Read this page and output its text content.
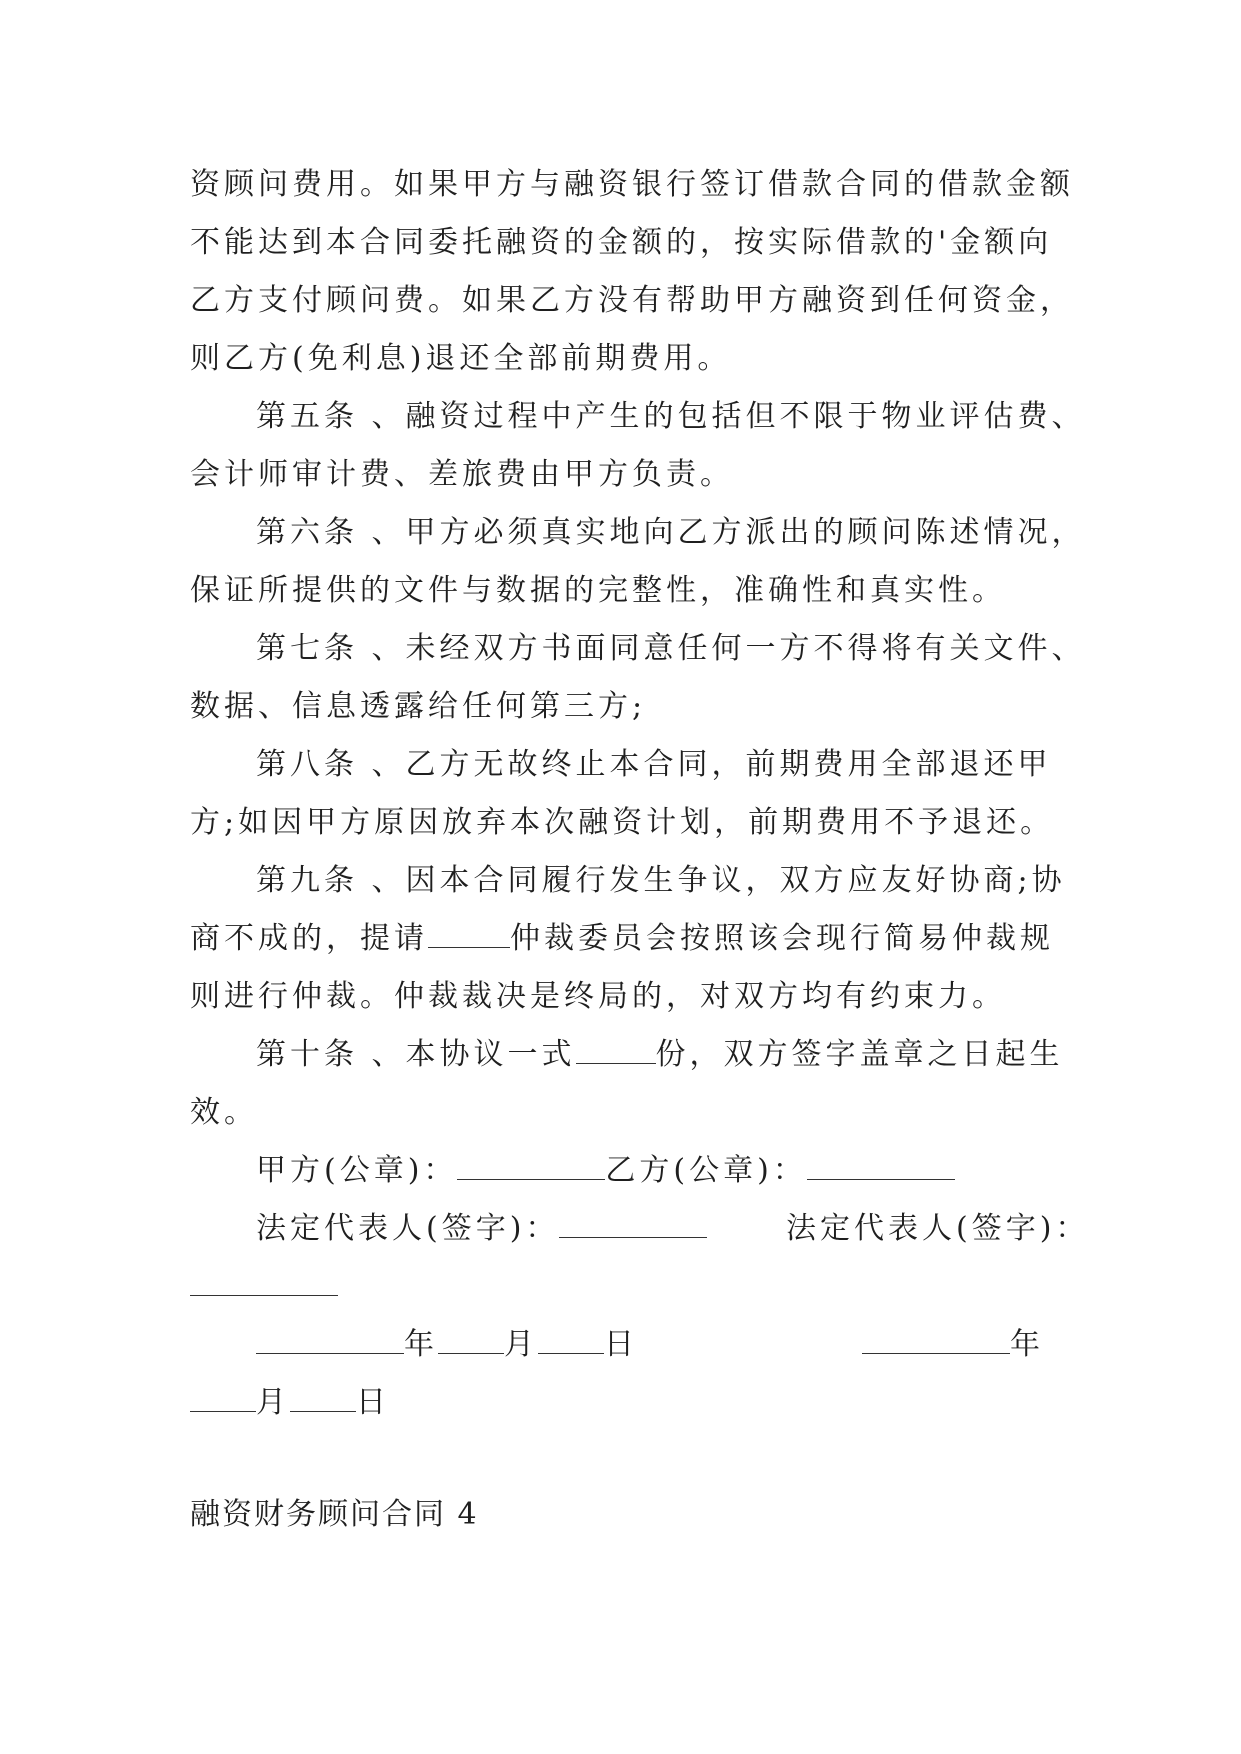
资顾问费用。如果甲方与融资银行签订借款合同的借款金额
不能达到本合同委托融资的金额的，按实际借款的'金额向
乙方支付顾问费。如果乙方没有帮助甲方融资到任何资金，
则乙方(免利息)退还全部前期费用。
第五条 、融资过程中产生的包括但不限于物业评估费、
会计师审计费、差旅费由甲方负责。
第六条 、甲方必须真实地向乙方派出的顾问陈述情况，
保证所提供的文件与数据的完整性，准确性和真实性。
第七条 、未经双方书面同意任何一方不得将有关文件、
数据、信息透露给任何第三方;
第八条 、乙方无故终止本合同，前期费用全部退还甲
方;如因甲方原因放弃本次融资计划，前期费用不予退还。
第九条 、因本合同履行发生争议，双方应友好协商;协
商不成的，提请	仲裁委员会按照该会现行简易仲裁规
则进行仲裁。仲裁裁决是终局的，对双方均有约束力。
第十条 、本协议一式	份，双方签字盖章之日起生
效。
甲方(公章)：	乙方(公章)：
法定代表人(签字)：	法定代表人(签字)：
年 月 日	年
月 日
融资财务顾问合同 4
